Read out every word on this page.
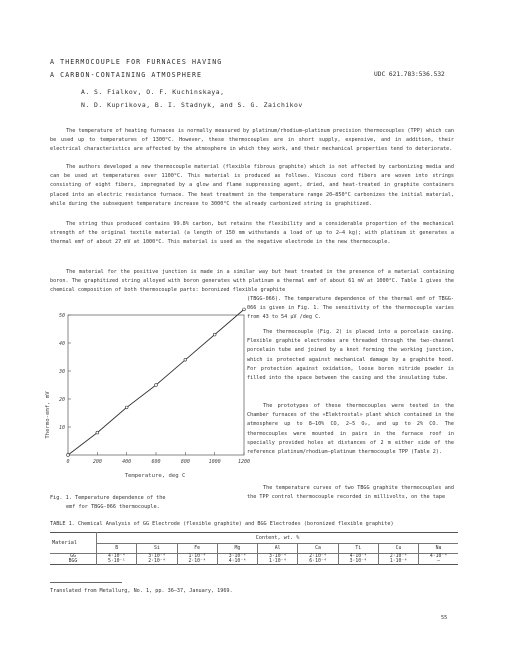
A THERMOCOUPLE FOR FURNACES HAVING
A CARBON-CONTAINING ATMOSPHERE	UDC 621.783:536.532
A. S. Fialkov, O. F. Kuchinskaya,
N. D. Kuprikova, B. I. Stadnyk, and S. G. Zaichikov
The temperature of heating furnaces is normally measured by platinum/rhodium–platinum precision thermocouples (TPP) which can be used up to temperatures of 1300°C. However, these thermocouples are in short supply, expensive, and in addition, their electrical characteristics are affected by the atmosphere in which they work, and their mechanical properties tend to deteriorate.
The authors developed a new thermocouple material (flexible fibrous graphite) which is not affected by carbonizing media and can be used at temperatures over 1100°C. This material is produced as follows. Viscous cord fibers are woven into strings consisting of eight fibers, impregnated by a glow and flame suppressing agent, dried, and heat-treated in graphite containers placed into an electric resistance furnace. The heat treatment in the temperature range 20–850°C carbonizes the initial material, while during the subsequent temperature increase to 3000°C the already carbonized string is graphitized.
The string thus produced contains 99.8% carbon, but retains the flexibility and a considerable proportion of the mechanical strength of the original textile material (a length of 150 mm withstands a load of up to 2–4 kg); with platinum it generates a thermal emf of about 27 mV at 1000°C. This material is used as the negative electrode in the new thermocouple.
The material for the positive junction is made in a similar way but heat treated in the presence of a material containing boron. The graphitized string alloyed with boron generates with platinum a thermal emf of about 61 mV at 1000°C. Table 1 gives the chemical composition of both thermocouple parts: boronized flexible graphite
(TBGG-066). The temperature dependence of the thermal emf of TBGG-066 is given in Fig. 1. The sensitivity of the thermocouple varies from 43 to 54 μV /deg C.
The thermocouple (Fig. 2) is placed into a porcelain casing. Flexible graphite electrodes are threaded through the two-channel porcelain tube and joined by a knot forming the working junction, which is protected against mechanical damage by a graphite hood. For protection against oxidation, loose boron nitride powder is filled into the space between the casing and the insulating tube.
The prototypes of these thermocouples were tested in the Chamber furnaces of the «Elektrostal» plant which contained in the atmosphere up to 8–10% CO, 2–5 O₂, and up to 2% CO. The thermocouples were mounted in pairs in the furnace roof in specially provided holes at distances of 2 m either side of the reference platinum/rhodium–platinum thermocouple TPP (Table 2).
The temperature curves of two TBGG graphite thermocouples and the TPP control thermocouple recorded in millivolts, on the tape
0	200	400	600	800	1000	1200
10
20
30
40
50
Temperature, deg C
Thermo-emf, mV
Fig. 1. Temperature dependence of the
emf for TBGG-066 thermocouple.
TABLE 1. Chemical Analysis of GG Electrode (flexible graphite) and BGG Electrodes (boronized flexible graphite)
Material	Content, wt. %								
	B	Si	Fe	Mg	Al	Ca	Ti	Cu	Na
GG	4·10⁻⁴	3·10⁻⁴	1·10⁻⁴	3·10⁻⁴	3·10⁻⁴	2·10⁻⁴	4·10⁻⁴	2·10⁻⁴	4·10⁻⁴
BGG	5·10⁻¹	2·10⁻⁴	2·10⁻⁴	4·10⁻⁴	1·10⁻⁴	6·10⁻⁴	3·10⁻⁴	1·10⁻⁴	—
Translated from Metallurg, No. 1, pp. 36–37, January, 1969.
55
